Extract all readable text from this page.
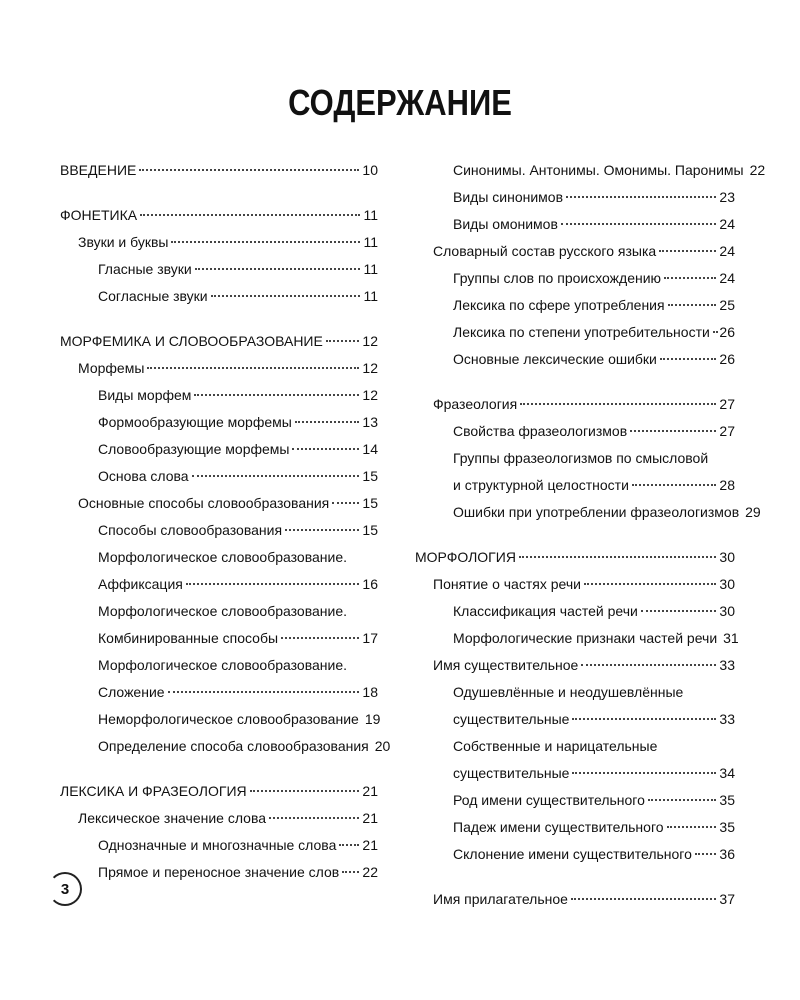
СОДЕРЖАНИЕ
ВВЕДЕНИЕ	10
ФОНЕТИКА	11
Звуки и буквы	11
Гласные звуки	11
Согласные звуки	11
МОРФЕМИКА И СЛОВООБРАЗОВАНИЕ	12
Морфемы	12
Виды морфем	12
Формообразующие морфемы	13
Словообразующие морфемы	14
Основа слова	15
Основные способы словообразования 15
Способы словообразования	15
Морфологическое словообразование.
Аффиксация	16
Морфологическое словообразование.
Комбинированные способы	17
Морфологическое словообразование.
Сложение	18
Неморфологическое словообразование 19
Определение способа словообразования 20
ЛЕКСИКА И ФРАЗЕОЛОГИЯ	21
Лексическое значение слова	21
Однозначные и многозначные слова 21
Прямое и переносное значение слов 22
Синонимы. Антонимы. Омонимы. Паронимы 22
Виды синонимов	23
Виды омонимов	24
Словарный состав русского языка	24
Группы слов по происхождению	24
Лексика по сфере употребления	25
Лексика по степени употребительности 26
Основные лексические ошибки	26
Фразеология	27
Свойства фразеологизмов	27
Группы фразеологизмов по смысловой
и структурной целостности	28
Ошибки при употреблении фразеологизмов 29
МОРФОЛОГИЯ	30
Понятие о частях речи	30
Классификация частей речи	30
Морфологические признаки частей речи 31
Имя существительное	33
Одушевлённые и неодушевлённые
существительные	33
Собственные и нарицательные
существительные	34
Род имени существительного	35
Падеж имени существительного	35
Склонение имени существительного 36
Имя прилагательное	37
3
